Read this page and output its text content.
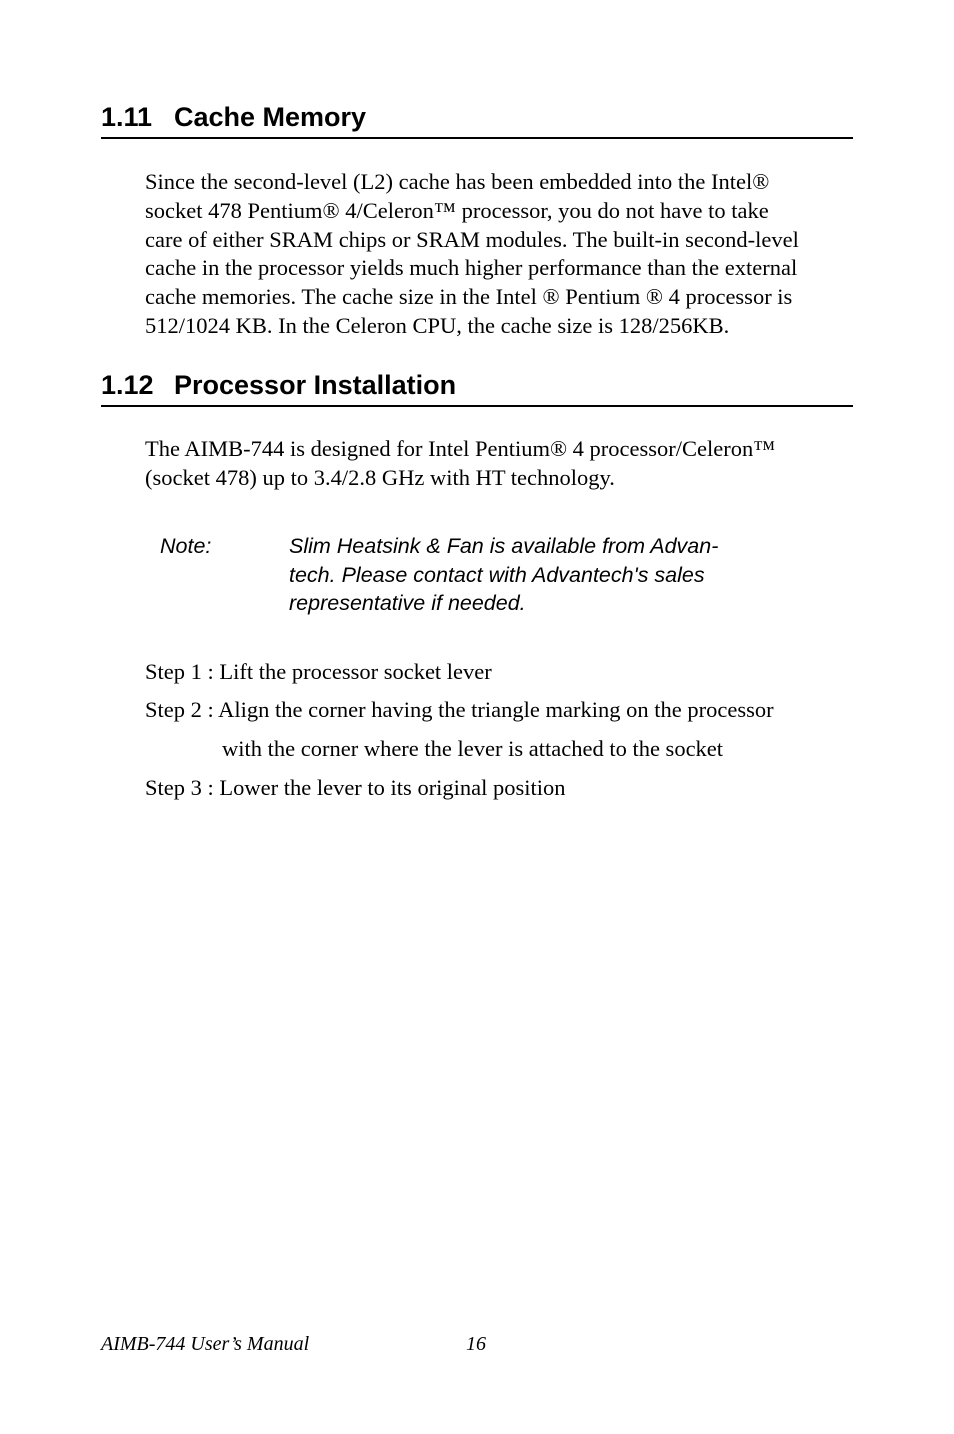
1.11 Cache Memory
Since the second-level (L2) cache has been embedded into the Intel®
socket 478 Pentium® 4/Celeron™ processor, you do not have to take
care of either SRAM chips or SRAM modules. The built-in second-level
cache in the processor yields much higher performance than the external
cache memories. The cache size in the Intel ® Pentium ® 4 processor is
512/1024 KB. In the Celeron CPU, the cache size is 128/256KB.
1.12 Processor Installation
The AIMB-744 is designed for Intel Pentium® 4 processor/Celeron™
(socket 478) up to 3.4/2.8 GHz with HT technology.
Note:	Slim Heatsink & Fan is available from Advan-
tech. Please contact with Advantech's sales
representative if needed.
Step 1 : Lift the processor socket lever
Step 2 : Align the corner having the triangle marking on the processor
with the corner where the lever is attached to the socket
Step 3 : Lower the lever to its original position
AIMB-744 User’s Manual	16
